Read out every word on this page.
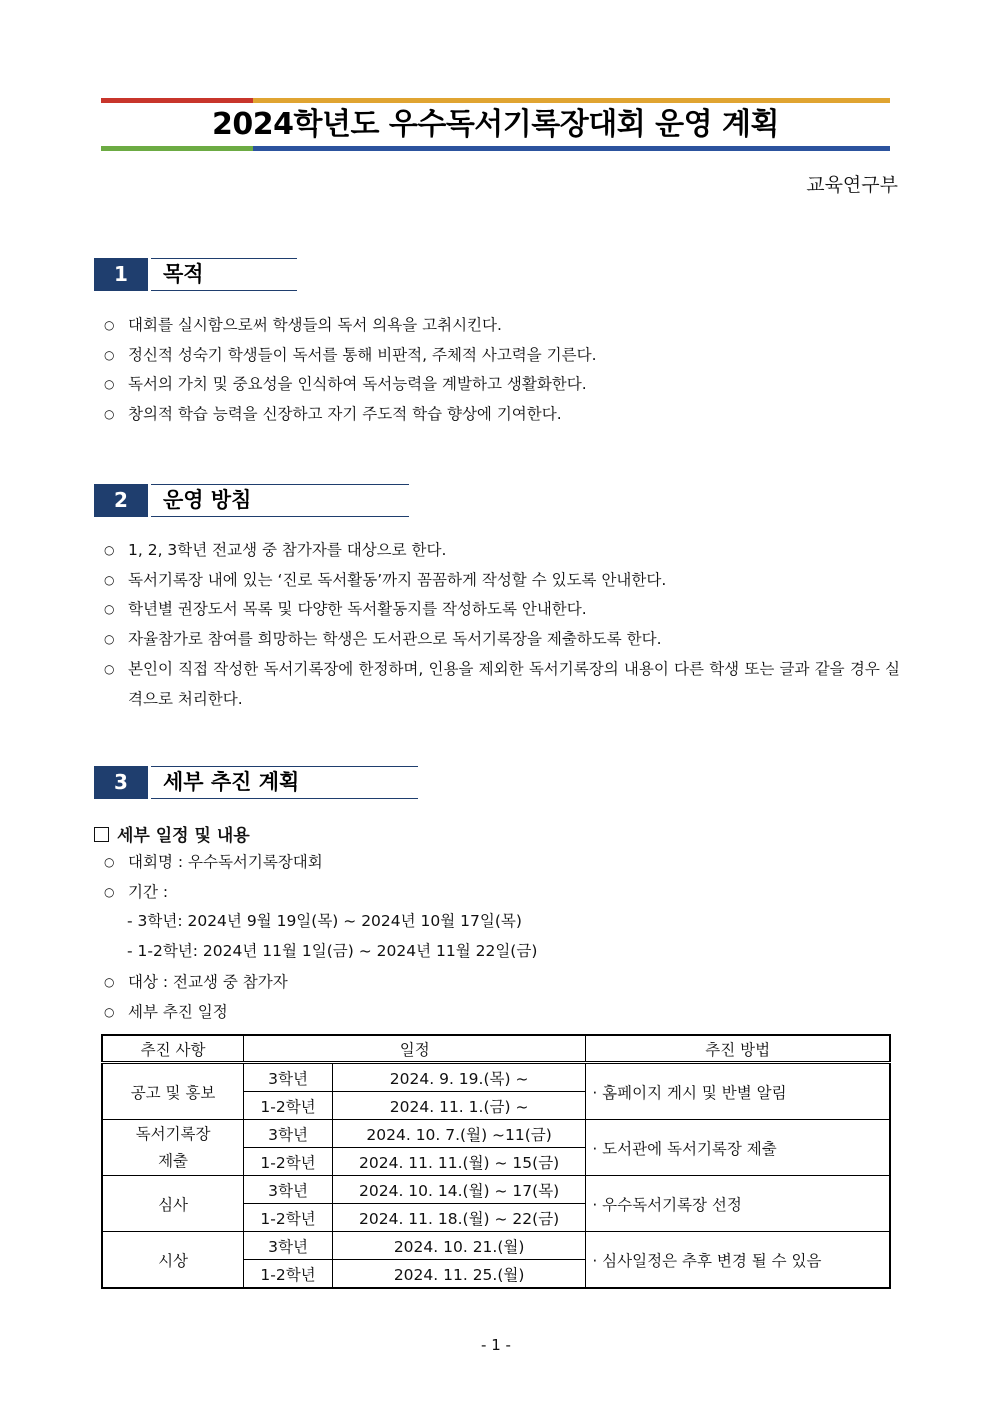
2024학년도 우수독서기록장대회 운영 계획
교육연구부
1	목적
○ 대회를 실시함으로써 학생들의 독서 의욕을 고취시킨다.
○ 정신적 성숙기 학생들이 독서를 통해 비판적, 주체적 사고력을 기른다.
○ 독서의 가치 및 중요성을 인식하여 독서능력을 계발하고 생활화한다.
○ 창의적 학습 능력을 신장하고 자기 주도적 학습 향상에 기여한다.
2	운영 방침
○ 1, 2, 3학년 전교생 중 참가자를 대상으로 한다.
○ 독서기록장 내에 있는 ‘진로 독서활동’까지 꼼꼼하게 작성할 수 있도록 안내한다.
○ 학년별 권장도서 목록 및 다양한 독서활동지를 작성하도록 안내한다.
○ 자율참가로 참여를 희망하는 학생은 도서관으로 독서기록장을 제출하도록 한다.
○ 본인이 직접 작성한 독서기록장에 한정하며, 인용을 제외한 독서기록장의 내용이 다른 학생 또는 글과 같을 경우 실격으로 처리한다.
3	세부 추진 계획
세부 일정 및 내용
○ 대회명 : 우수독서기록장대회
○ 기간 :
- 3학년: 2024년 9월 19일(목) ~ 2024년 10월 17일(목)
- 1-2학년: 2024년 11월 1일(금) ~ 2024년 11월 22일(금)
○ 대상 : 전교생 중 참가자
○ 세부 추진 일정
추진 사항	일정		추진 방법
공고 및 홍보	3학년	2024. 9. 19.(목) ~	· 홈페이지 게시 및 반별 알림
	1-2학년	2024. 11. 1.(금) ~	
독서기록장
제출	3학년	2024. 10. 7.(월) ~11(금)	· 도서관에 독서기록장 제출
	1-2학년	2024. 11. 11.(월) ~ 15(금)	
심사	3학년	2024. 10. 14.(월) ~ 17(목)	· 우수독서기록장 선정
	1-2학년	2024. 11. 18.(월) ~ 22(금)	
시상	3학년	2024. 10. 21.(월)	· 심사일정은 추후 변경 될 수 있음
	1-2학년	2024. 11. 25.(월)	
- 1 -
